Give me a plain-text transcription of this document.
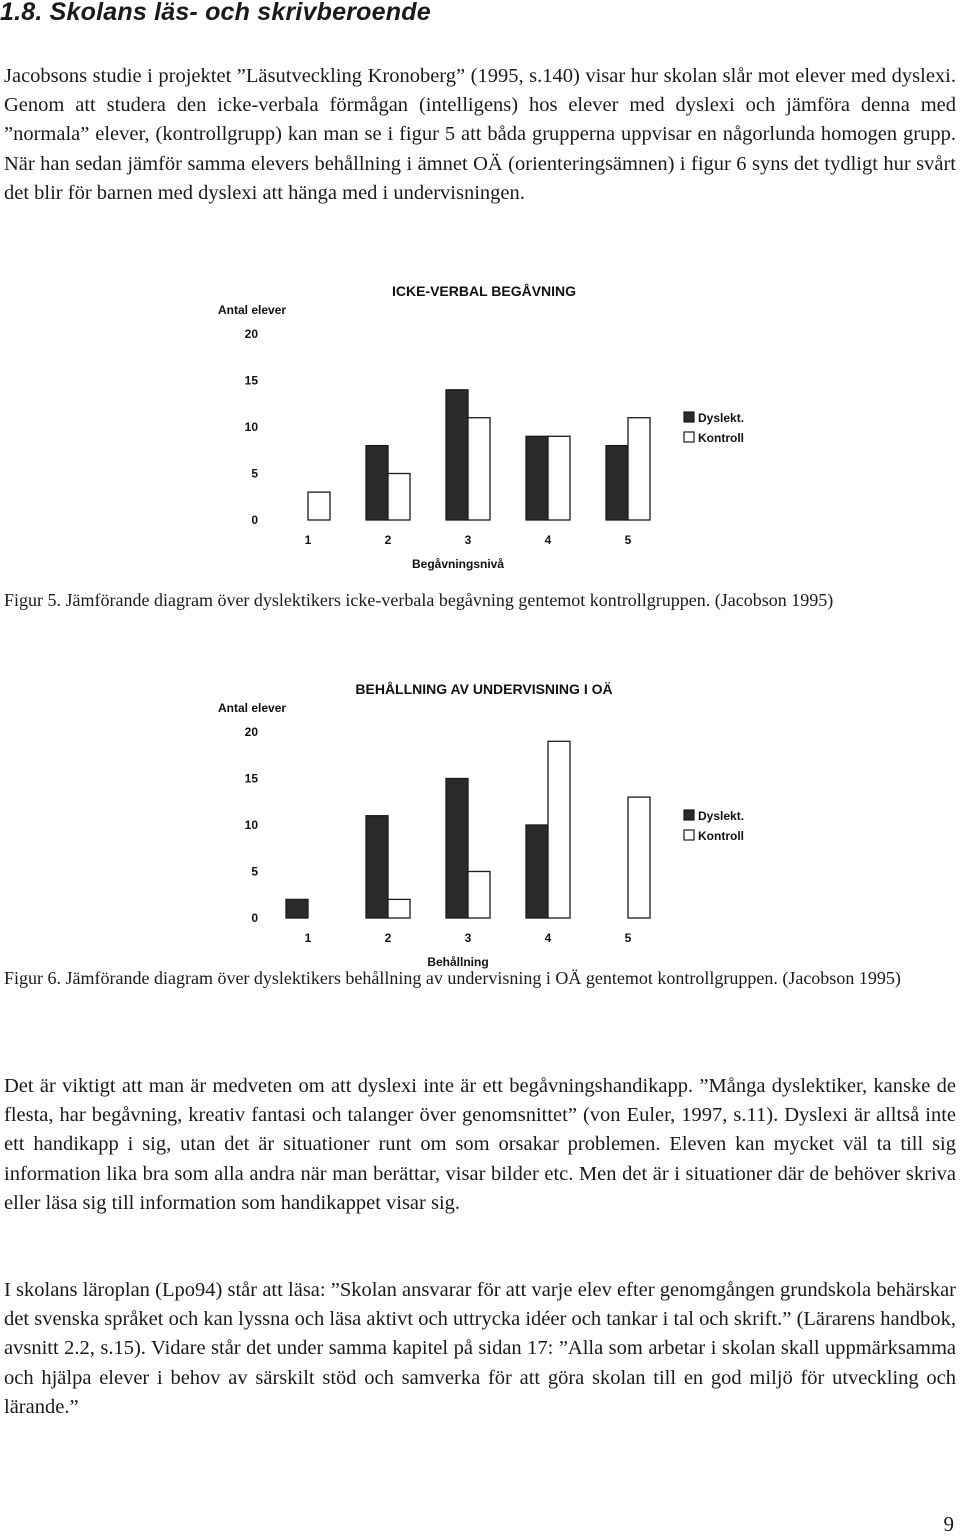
1.8. Skolans läs- och skrivberoende

Jacobsons studie i projektet ”Läsutveckling Kronoberg” (1995, s.140) visar hur skolan slår mot elever med dyslexi. Genom att studera den icke-verbala förmågan (intelligens) hos elever med dyslexi och jämföra denna med ”normala” elever, (kontrollgrupp) kan man se i figur 5 att båda grupperna uppvisar en någorlunda homogen grupp. När han sedan jämför samma elevers behållning i ämnet OÄ (orienteringsämnen) i figur 6 syns det tydligt hur svårt det blir för barnen med dyslexi att hänga med i undervisningen.

ICKE-VERBAL BEGÅVNING
Antal elever
0
5
10
15
20
1	2	3	4	5
Begåvningsnivå
Dyslekt.
Kontroll

Figur 5. Jämförande diagram över dyslektikers icke-verbala begåvning gentemot kontrollgruppen. (Jacobson 1995)

BEHÅLLNING AV UNDERVISNING I OÄ
Antal elever
0
5
10
15
20
1	2	3	4	5
Behållning
Dyslekt.
Kontroll

Figur 6. Jämförande diagram över dyslektikers behållning av undervisning i OÄ gentemot kontrollgruppen. (Jacobson 1995)

Det är viktigt att man är medveten om att dyslexi inte är ett begåvningshandikapp. ”Många dyslektiker, kanske de flesta, har begåvning, kreativ fantasi och talanger över genomsnittet” (von Euler, 1997, s.11). Dyslexi är alltså inte ett handikapp i sig, utan det är situationer runt om som orsakar problemen. Eleven kan mycket väl ta till sig information lika bra som alla andra när man berättar, visar bilder etc. Men det är i situationer där de behöver skriva eller läsa sig till information som handikappet visar sig.

I skolans läroplan (Lpo94) står att läsa: ”Skolan ansvarar för att varje elev efter genomgången grundskola behärskar det svenska språket och kan lyssna och läsa aktivt och uttrycka idéer och tankar i tal och skrift.” (Lärarens handbok, avsnitt 2.2, s.15). Vidare står det under samma kapitel på sidan 17: ”Alla som arbetar i skolan skall uppmärksamma och hjälpa elever i behov av särskilt stöd och samverka för att göra skolan till en god miljö för utveckling och lärande.”

9
